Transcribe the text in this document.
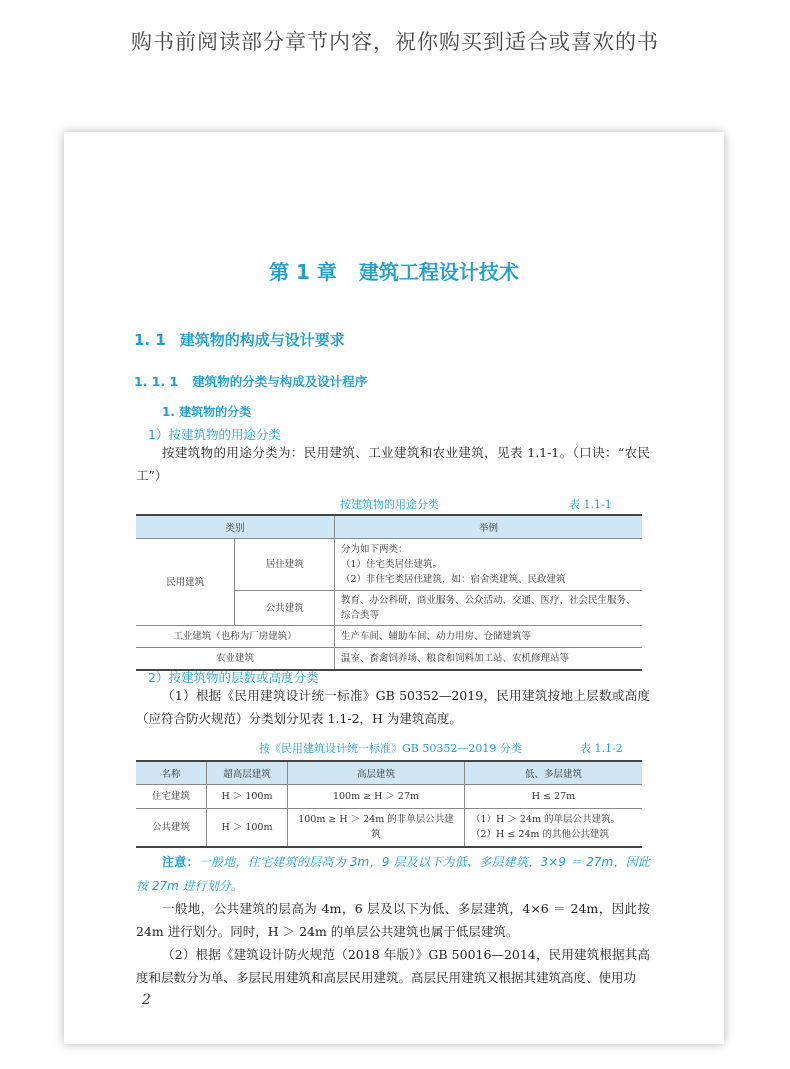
购书前阅读部分章节内容，祝你购买到适合或喜欢的书
第 1 章 建筑工程设计技术
1. 1 建筑物的构成与设计要求
1. 1. 1 建筑物的分类与构成及设计程序
1. 建筑物的分类
1）按建筑物的用途分类
按建筑物的用途分类为：民用建筑、工业建筑和农业建筑，见表 1.1-1。（口诀：“农民工”）
按建筑物的用途分类	表 1.1-1
类别		举例
民用建筑	居住建筑	分为如下两类：
（1）住宅类居住建筑。
（2）非住宅类居住建筑，如：宿舍类建筑、民政建筑

	公共建筑	教育、办公科研、商业服务、公众活动、交通、医疗、社会民生服务、综合类等
工业建筑（也称为厂房建筑）		生产车间、辅助车间、动力用房、仓储建筑等
农业建筑		温室、畜禽饲养场、粮食和饲料加工站、农机修理站等
2）按建筑物的层数或高度分类
（1）根据《民用建筑设计统一标准》GB 50352—2019，民用建筑按地上层数或高度（应符合防火规范）分类划分见表 1.1-2，H 为建筑高度。
按《民用建筑设计统一标准》GB 50352—2019 分类	表 1.1-2
名称	超高层建筑	高层建筑	低、多层建筑
住宅建筑	H ＞ 100m	100m ≥ H ＞ 27m	H ≤ 27m
公共建筑	H ＞ 100m	100m ≥ H ＞ 24m 的非单层公共建筑	（1）H ＞ 24m 的单层公共建筑。
（2）H ≤ 24m 的其他公共建筑
注意：一般地，住宅建筑的层高为 3m，9 层及以下为低、多层建筑，3×9 ＝ 27m，因此按 27m 进行划分。
一般地，公共建筑的层高为 4m，6 层及以下为低、多层建筑，4×6 ＝ 24m，因此按 24m 进行划分。同时，H ＞ 24m 的单层公共建筑也属于低层建筑。
（2）根据《建筑设计防火规范（2018 年版）》GB 50016—2014，民用建筑根据其高度和层数分为单、多层民用建筑和高层民用建筑。高层民用建筑又根据其建筑高度、使用功
2
